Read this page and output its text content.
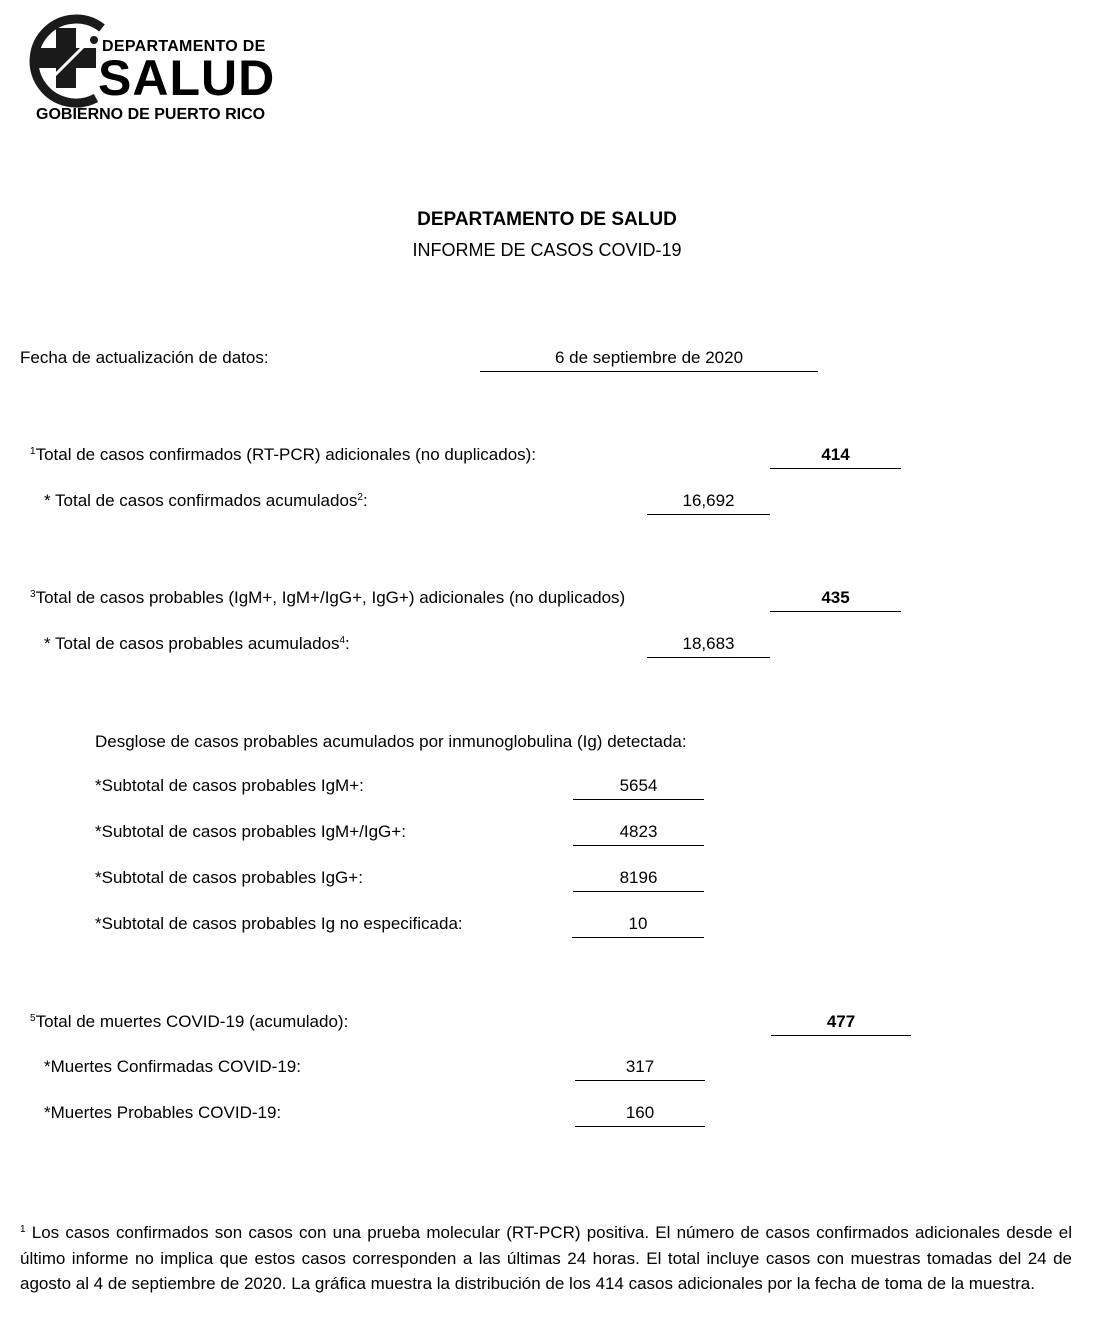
DEPARTAMENTO DE
SALUD
GOBIERNO DE PUERTO RICO
DEPARTAMENTO DE SALUD
INFORME DE CASOS COVID-19
Fecha de actualización de datos:	6 de septiembre de 2020
$^1$Total de casos confirmados (RT-PCR) adicionales (no duplicados):	414
* Total de casos confirmados acumulados$^2$:	16,692
$^3$Total de casos probables (IgM+, IgM+/IgG+, IgG+) adicionales (no duplicados)	435
* Total de casos probables acumulados$^4$:	18,683
Desglose de casos probables acumulados por inmunoglobulina (Ig) detectada:
*Subtotal de casos probables IgM+:	5654
*Subtotal de casos probables IgM+/IgG+:	4823
*Subtotal de casos probables IgG+:	8196
*Subtotal de casos probables Ig no especificada:	10
$^5$Total de muertes COVID-19 (acumulado):	477
*Muertes Confirmadas COVID-19:	317
*Muertes Probables COVID-19:	160
$^1$ Los casos confirmados son casos con una prueba molecular (RT-PCR) positiva. El número de casos confirmados adicionales desde el último informe no implica que estos casos corresponden a las últimas 24 horas. El total incluye casos con muestras tomadas del 24 de agosto al 4 de septiembre de 2020. La gráfica muestra la distribución de los 414 casos adicionales por la fecha de toma de la muestra.
